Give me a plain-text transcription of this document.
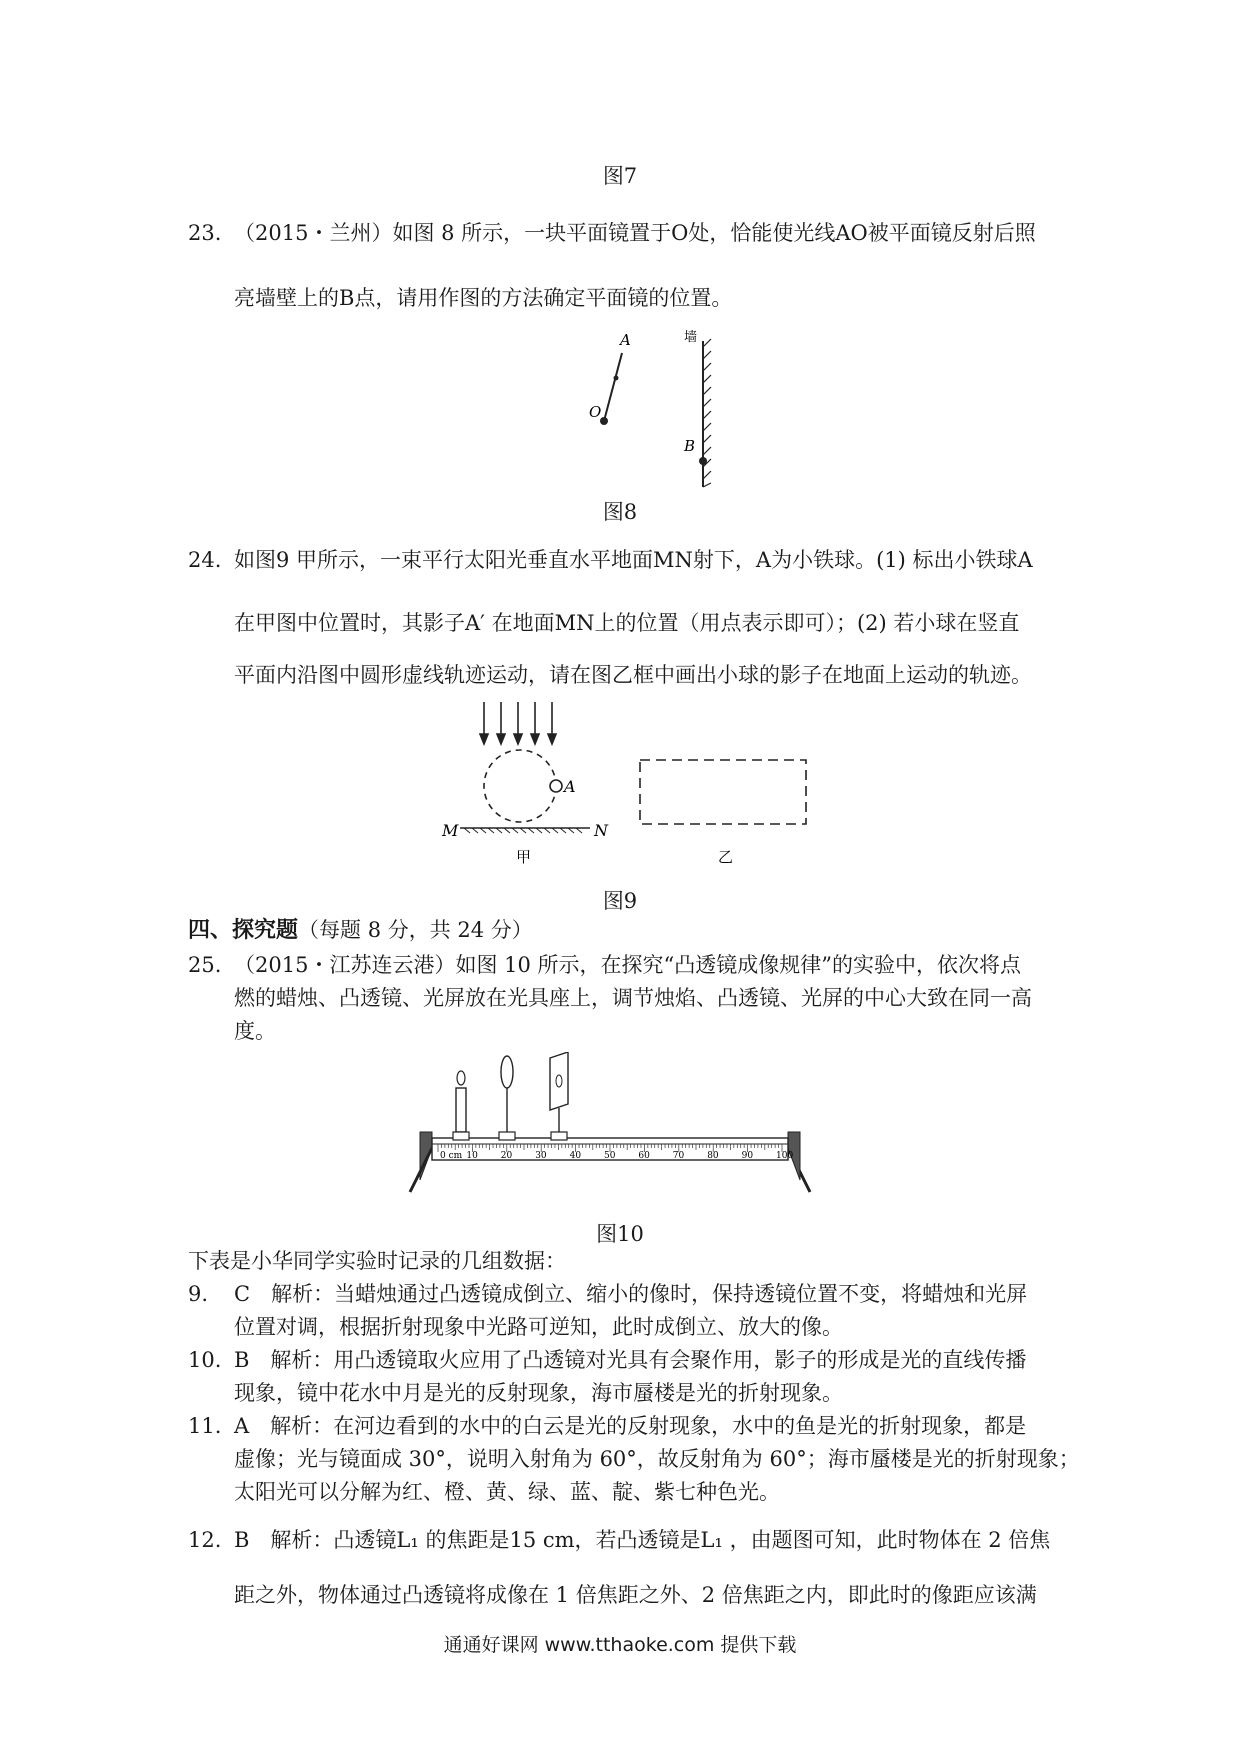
图7
23. （2015・兰州）如图 8 所示，一块平面镜置于O处，恰能使光线AO被平面镜反射后照
亮墙壁上的B点，请用作图的方法确定平面镜的位置。
A
O
墙
B
图8
24. 如图9 甲所示，一束平行太阳光垂直水平地面MN射下，A为小铁球。(1) 标出小铁球A
在甲图中位置时，其影子A′ 在地面MN上的位置（用点表示即可）；(2) 若小球在竖直
平面内沿图中圆形虚线轨迹运动，请在图乙框中画出小球的影子在地面上运动的轨迹。
A
M	N
甲	乙
图9
四、探究题（每题 8 分，共 24 分）
25. （2015・江苏连云港）如图 10 所示，在探究“凸透镜成像规律”的实验中，依次将点
燃的蜡烛、凸透镜、光屏放在光具座上，调节烛焰、凸透镜、光屏的中心大致在同一高
度。
0 cm 10	20	30	40	50	60	70	80	90	100
图10
下表是小华同学实验时记录的几组数据：
9. C　解析：当蜡烛通过凸透镜成倒立、缩小的像时，保持透镜位置不变，将蜡烛和光屏
位置对调，根据折射现象中光路可逆知，此时成倒立、放大的像。
10. B　解析：用凸透镜取火应用了凸透镜对光具有会聚作用，影子的形成是光的直线传播
现象，镜中花水中月是光的反射现象，海市蜃楼是光的折射现象。
11. A　解析：在河边看到的水中的白云是光的反射现象，水中的鱼是光的折射现象，都是
虚像；光与镜面成 30°，说明入射角为 60°，故反射角为 60°；海市蜃楼是光的折射现象；
太阳光可以分解为红、橙、黄、绿、蓝、靛、紫七种色光。
12. B　解析：凸透镜L₁ 的焦距是15 cm，若凸透镜是L₁ ，由题图可知，此时物体在 2 倍焦
距之外，物体通过凸透镜将成像在 1 倍焦距之外、2 倍焦距之内，即此时的像距应该满
通通好课网 www.tthaoke.com 提供下载
